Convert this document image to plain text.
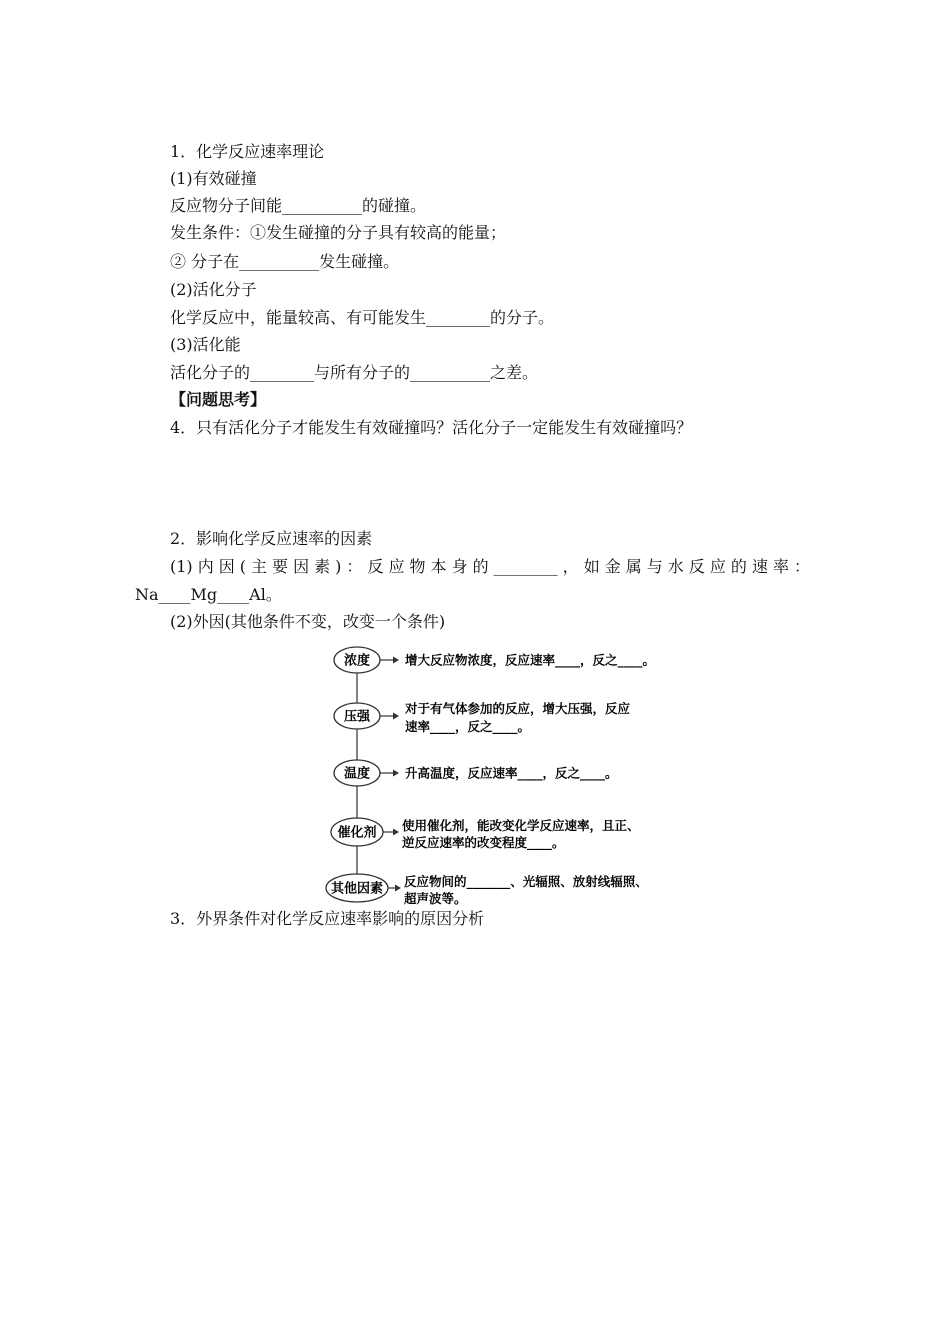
1．化学反应速率理论
(1)有效碰撞
反应物分子间能__________的碰撞。
发生条件：①发生碰撞的分子具有较高的能量；
② 分子在__________发生碰撞。
(2)活化分子
化学反应中，能量较高、有可能发生________的分子。
(3)活化能
活化分子的________与所有分子的__________之差。
【问题思考】
4．只有活化分子才能发生有效碰撞吗？活化分子一定能发生有效碰撞吗？
2．影响化学反应速率的因素
(1)内因(主要因素)：反应物本身的________，如金属与水反应的速率：
Na____Mg____Al。
(2)外因(其他条件不变，改变一个条件)
浓度	增大反应物浓度，反应速率____，反之____。
压强
对于有气体参加的反应，增大压强，反应
速率____，反之____。
温度	升高温度，反应速率____，反之____。
催化剂 使用催化剂，能改变化学反应速率，且正、
逆反应速率的改变程度____。
其他因素 反应物间的_______、光辐照、放射线辐照、
超声波等。
3．外界条件对化学反应速率影响的原因分析
